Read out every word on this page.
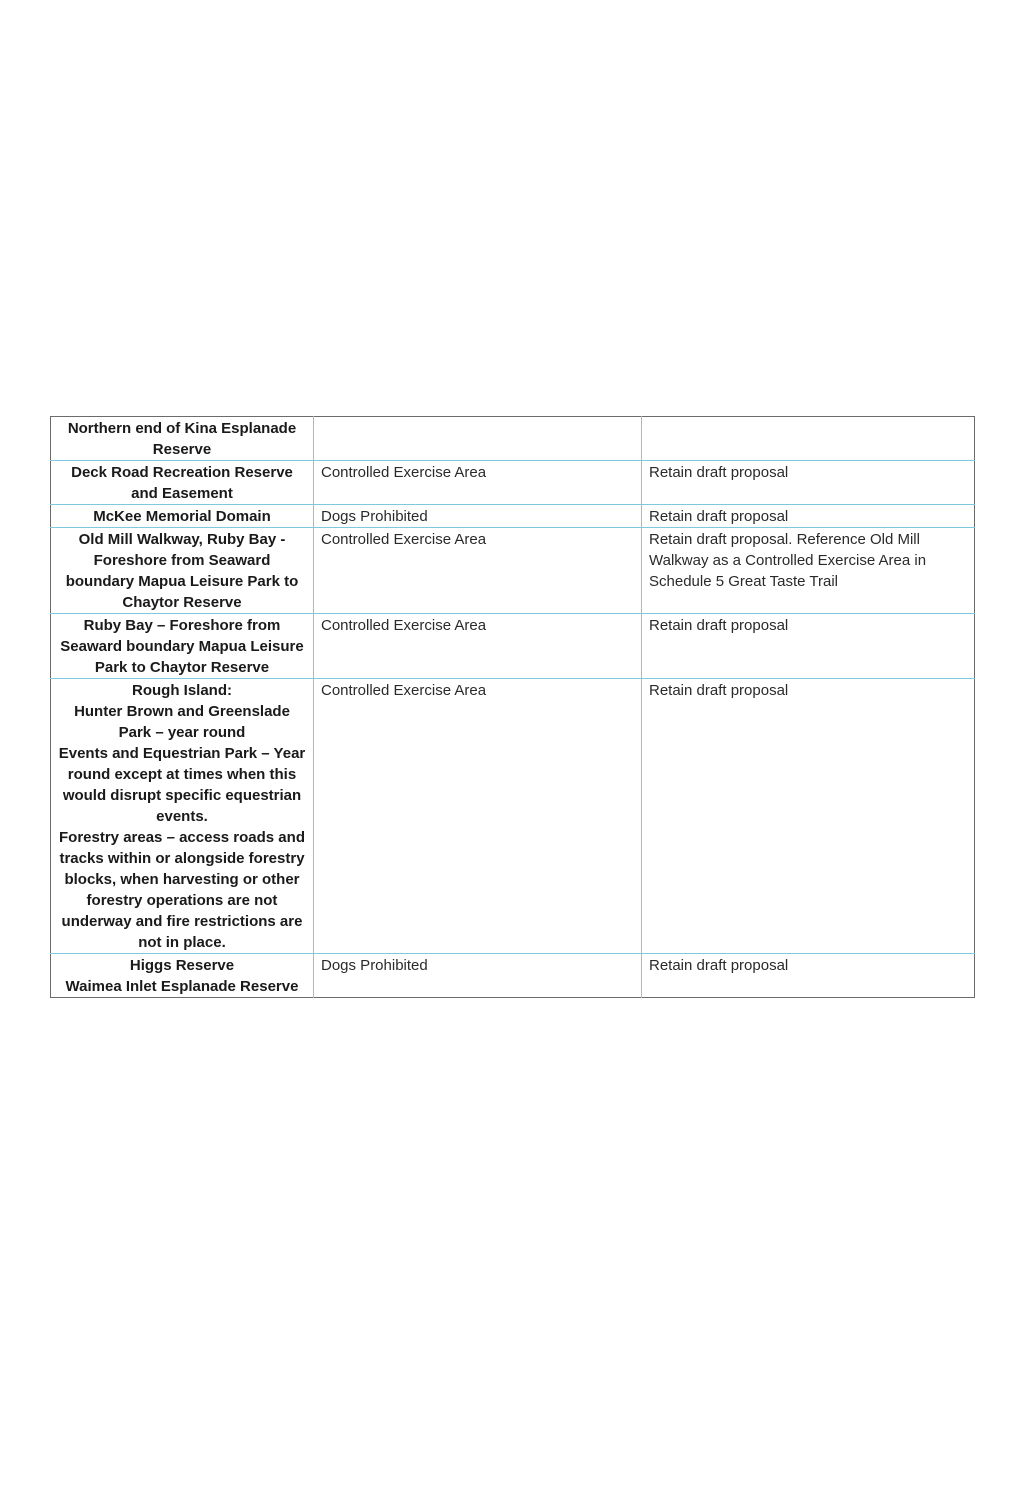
Northern end of Kina Esplanade Reserve		

Deck Road Recreation Reserve and Easement	Controlled Exercise Area	Retain draft proposal

McKee Memorial Domain	Dogs Prohibited	Retain draft proposal

Old Mill Walkway, Ruby Bay - Foreshore from Seaward boundary Mapua Leisure Park to Chaytor Reserve	Controlled Exercise Area	Retain draft proposal. Reference Old Mill Walkway as a Controlled Exercise Area in Schedule 5 Great Taste Trail

Ruby Bay – Foreshore from Seaward boundary Mapua Leisure Park to Chaytor Reserve	Controlled Exercise Area	Retain draft proposal

Rough Island:
Hunter Brown and Greenslade Park – year round
Events and Equestrian Park – Year round except at times when this would disrupt specific equestrian events.
Forestry areas – access roads and tracks within or alongside forestry blocks, when harvesting or other forestry operations are not underway and fire restrictions are not in place.	Controlled Exercise Area	Retain draft proposal

Higgs Reserve
Waimea Inlet Esplanade Reserve	Dogs Prohibited	Retain draft proposal
